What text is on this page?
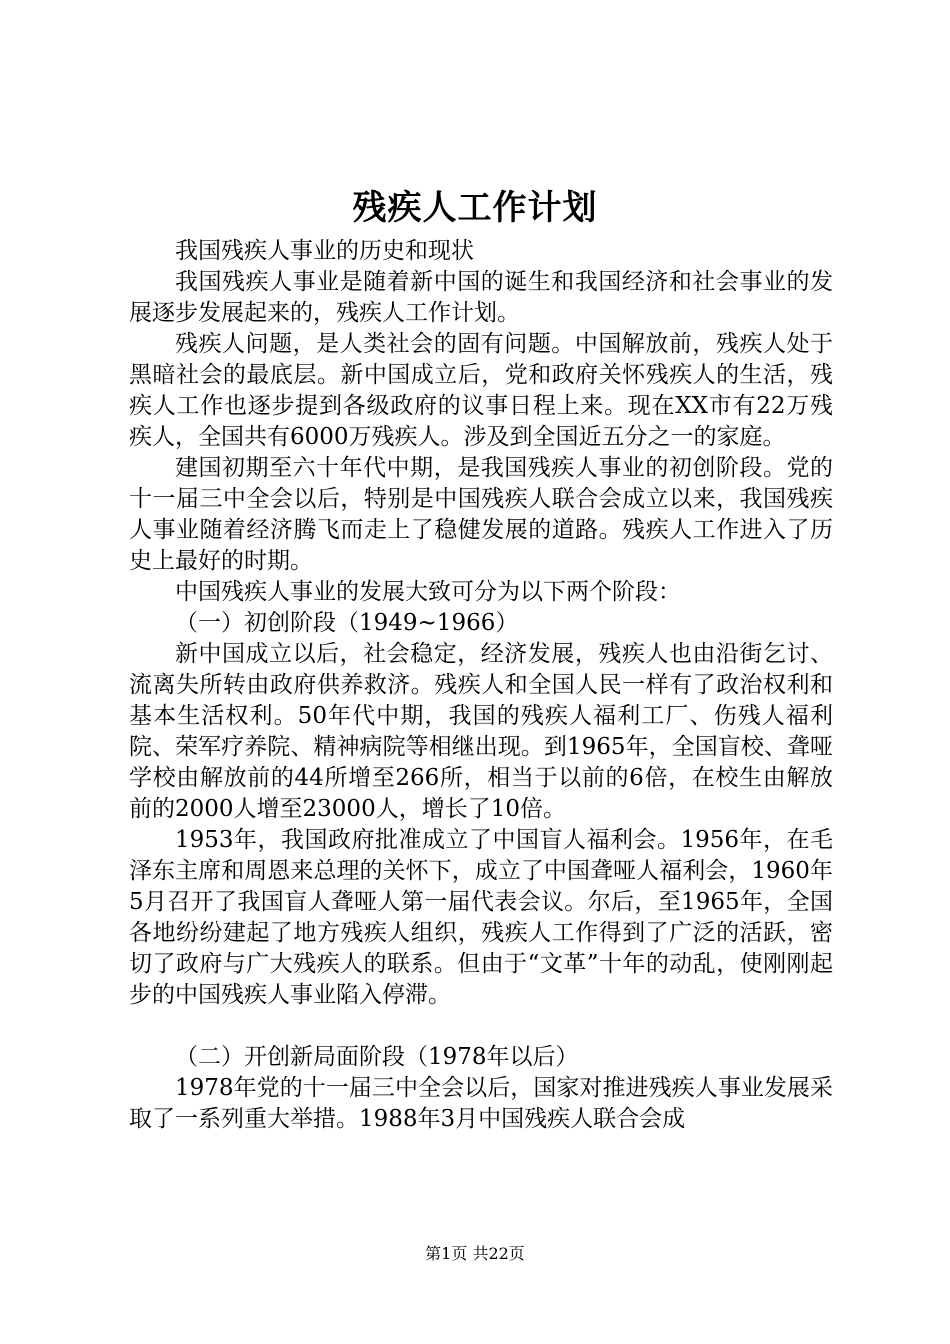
残疾人工作计划

我国残疾人事业的历史和现状

我国残疾人事业是随着新中国的诞生和我国经济和社会事业的发展逐步发展起来的，残疾人工作计划。

残疾人问题，是人类社会的固有问题。中国解放前，残疾人处于黑暗社会的最底层。新中国成立后，党和政府关怀残疾人的生活，残疾人工作也逐步提到各级政府的议事日程上来。现在XX市有22万残疾人，全国共有6000万残疾人。涉及到全国近五分之一的家庭。

建国初期至六十年代中期，是我国残疾人事业的初创阶段。党的十一届三中全会以后，特别是中国残疾人联合会成立以来，我国残疾人事业随着经济腾飞而走上了稳健发展的道路。残疾人工作进入了历史上最好的时期。

中国残疾人事业的发展大致可分为以下两个阶段：

（一）初创阶段（1949~1966）

新中国成立以后，社会稳定，经济发展，残疾人也由沿街乞讨、流离失所转由政府供养救济。残疾人和全国人民一样有了政治权利和基本生活权利。50年代中期，我国的残疾人福利工厂、伤残人福利院、荣军疗养院、精神病院等相继出现。到1965年，全国盲校、聋哑学校由解放前的44所增至266所，相当于以前的6倍，在校生由解放前的2000人增至23000人，增长了10倍。

1953年，我国政府批准成立了中国盲人福利会。1956年，在毛泽东主席和周恩来总理的关怀下，成立了中国聋哑人福利会，1960年5月召开了我国盲人聋哑人第一届代表会议。尔后，至1965年，全国各地纷纷建起了地方残疾人组织，残疾人工作得到了广泛的活跃，密切了政府与广大残疾人的联系。但由于“文革”十年的动乱，使刚刚起步的中国残疾人事业陷入停滞。

（二）开创新局面阶段（1978年以后）

1978年党的十一届三中全会以后，国家对推进残疾人事业发展采取了一系列重大举措。1988年3月中国残疾人联合会成

第1页 共22页
